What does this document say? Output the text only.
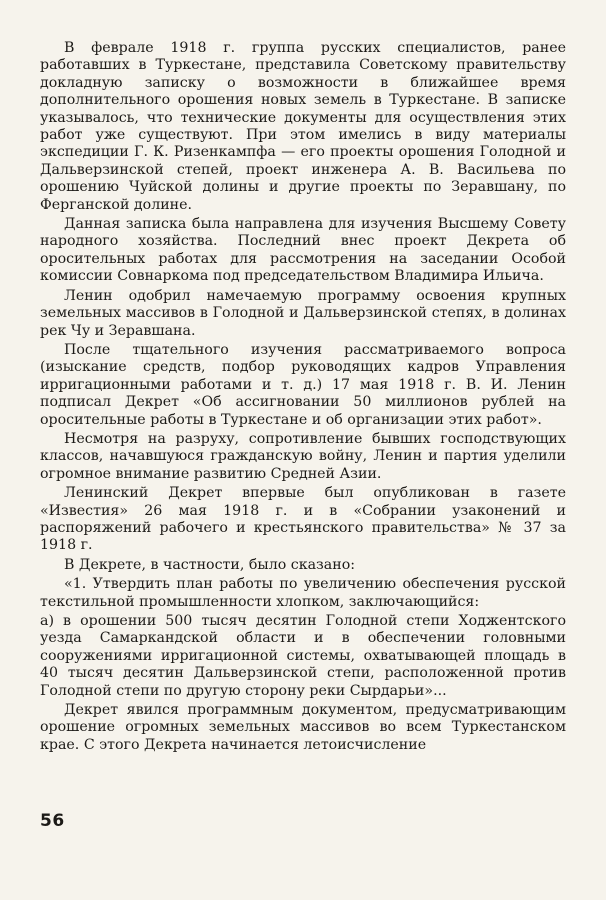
В феврале 1918 г. группа русских специалистов, ранее работавших в Туркестане, представила Советскому правительству докладную записку о возможности в ближайшее время дополнительного орошения новых земель в Туркестане. В записке указывалось, что технические документы для осуществления этих работ уже существуют. При этом имелись в виду материалы экспедиции Г. К. Ризенкампфа — его проекты орошения Голодной и Дальверзинской степей, проект инженера А. В. Васильева по орошению Чуйской долины и другие проекты по Зеравшану, по Ферганской долине.

Данная записка была направлена для изучения Высшему Совету народного хозяйства. Последний внес проект Декрета об оросительных работах для рассмотрения на заседании Особой комиссии Совнаркома под председательством Владимира Ильича.

Ленин одобрил намечаемую программу освоения крупных земельных массивов в Голодной и Дальверзинской степях, в долинах рек Чу и Зеравшана.

После тщательного изучения рассматриваемого вопроса (изыскание средств, подбор руководящих кадров Управления ирригационными работами и т. д.) 17 мая 1918 г. В. И. Ленин подписал Декрет «Об ассигновании 50 миллионов рублей на оросительные работы в Туркестане и об организации этих работ».

Несмотря на разруху, сопротивление бывших господствующих классов, начавшуюся гражданскую войну, Ленин и партия уделили огромное внимание развитию Средней Азии.

Ленинский Декрет впервые был опубликован в газете «Известия» 26 мая 1918 г. и в «Собрании узаконений и распоряжений рабочего и крестьянского правительства» № 37 за 1918 г.

В Декрете, в частности, было сказано:

«1. Утвердить план работы по увеличению обеспечения русской текстильной промышленности хлопком, заключающийся:

а) в орошении 500 тысяч десятин Голодной степи Ходжентского уезда Самаркандской области и в обеспечении головными сооружениями ирригационной системы, охватывающей площадь в 40 тысяч десятин Дальверзинской степи, расположенной против Голодной степи по другую сторону реки Сырдарьи»...

Декрет явился программным документом, предусматривающим орошение огромных земельных массивов во всем Туркестанском крае. С этого Декрета начинается летоисчисление

56
